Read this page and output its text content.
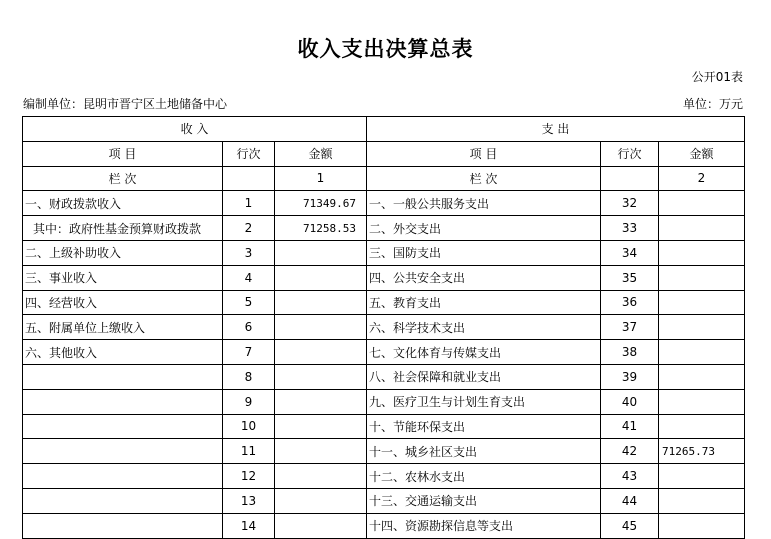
收入支出决算总表
公开01表
编制单位：昆明市晋宁区土地储备中心	单位：万元
收 入			支 出		
项 目	行次	金额	项 目	行次	金额
栏 次		1	栏 次		2
一、财政拨款收入	1	71349.67	一、一般公共服务支出	32	
其中：政府性基金预算财政拨款	2	71258.53	二、外交支出	33	
二、上级补助收入	3		三、国防支出	34	
三、事业收入	4		四、公共安全支出	35	
四、经营收入	5		五、教育支出	36	
五、附属单位上缴收入	6		六、科学技术支出	37	
六、其他收入	7		七、文化体育与传媒支出	38	
	8		八、社会保障和就业支出	39	
	9		九、医疗卫生与计划生育支出	40	
	10		十、节能环保支出	41	
	11		十一、城乡社区支出	42	71265.73
	12		十二、农林水支出	43	
	13		十三、交通运输支出	44	
	14		十四、资源勘探信息等支出	45	
